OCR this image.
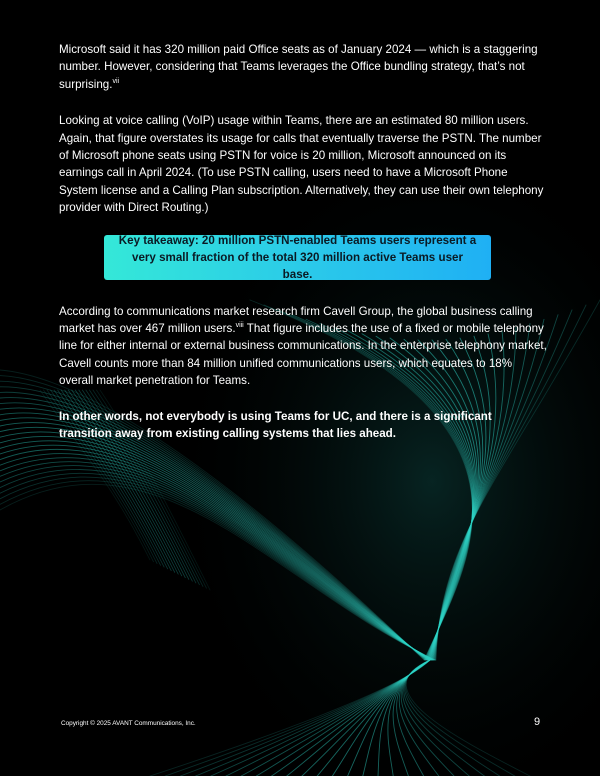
Microsoft said it has 320 million paid Office seats as of January 2024 — which is a staggering number. However, considering that Teams leverages the Office bundling strategy, that’s not surprising.$^{vii}$

Looking at voice calling (VoIP) usage within Teams, there are an estimated 80 million users. Again, that figure overstates its usage for calls that eventually traverse the PSTN. The number of Microsoft phone seats using PSTN for voice is 20 million, Microsoft announced on its earnings call in April 2024. (To use PSTN calling, users need to have a Microsoft Phone System license and a Calling Plan subscription. Alternatively, they can use their own telephony provider with Direct Routing.)

Key takeaway: 20 million PSTN-enabled Teams users represent a very small fraction of the total 320 million active Teams user base.

According to communications market research firm Cavell Group, the global business calling market has over 467 million users.$^{viii}$ That figure includes the use of a fixed or mobile telephony line for either internal or external business communications. In the enterprise telephony market, Cavell counts more than 84 million unified communications users, which equates to 18% overall market penetration for Teams.

In other words, not everybody is using Teams for UC, and there is a significant transition away from existing calling systems that lies ahead.

Copyright © 2025 AVANT Communications, Inc.	9
